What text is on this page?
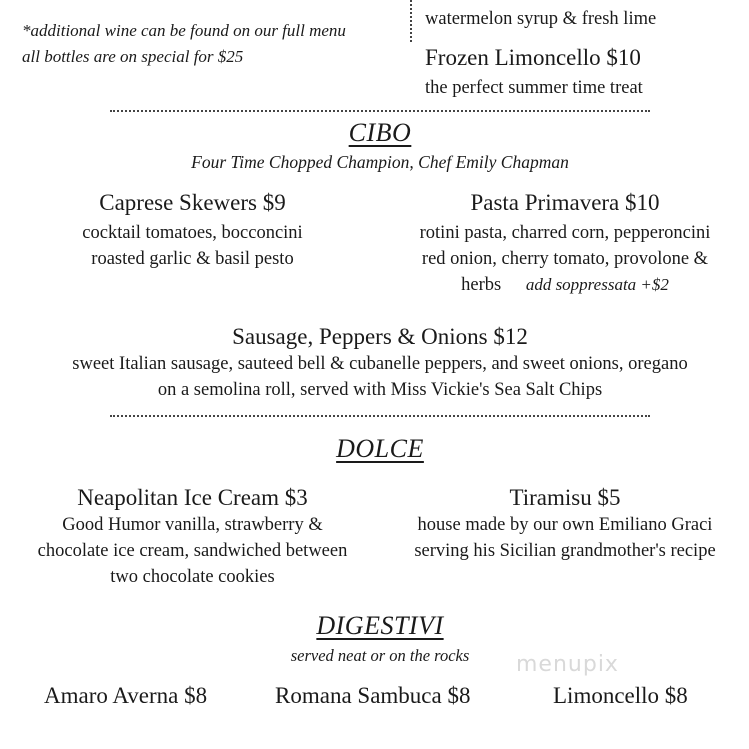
*additional wine can be found on our full menu
all bottles are on special for $25
watermelon syrup & fresh lime
Frozen Limoncello $10
the perfect summer time treat
CIBO
Four Time Chopped Champion, Chef Emily Chapman
Caprese Skewers $9
cocktail tomatoes, bocconcini
roasted garlic & basil pesto
Pasta Primavera $10
rotini pasta, charred corn, pepperoncini
red onion, cherry tomato, provolone &
herbs add soppressata +$2
Sausage, Peppers & Onions $12
sweet Italian sausage, sauteed bell & cubanelle peppers, and sweet onions, oregano
on a semolina roll, served with Miss Vickie's Sea Salt Chips
DOLCE
Neapolitan Ice Cream $3
Good Humor vanilla, strawberry &
chocolate ice cream, sandwiched between
two chocolate cookies
Tiramisu $5
house made by our own Emiliano Graci
serving his Sicilian grandmother's recipe
DIGESTIVI
served neat or on the rocks
Amaro Averna $8	Romana Sambuca $8	Limoncello $8
menupix
